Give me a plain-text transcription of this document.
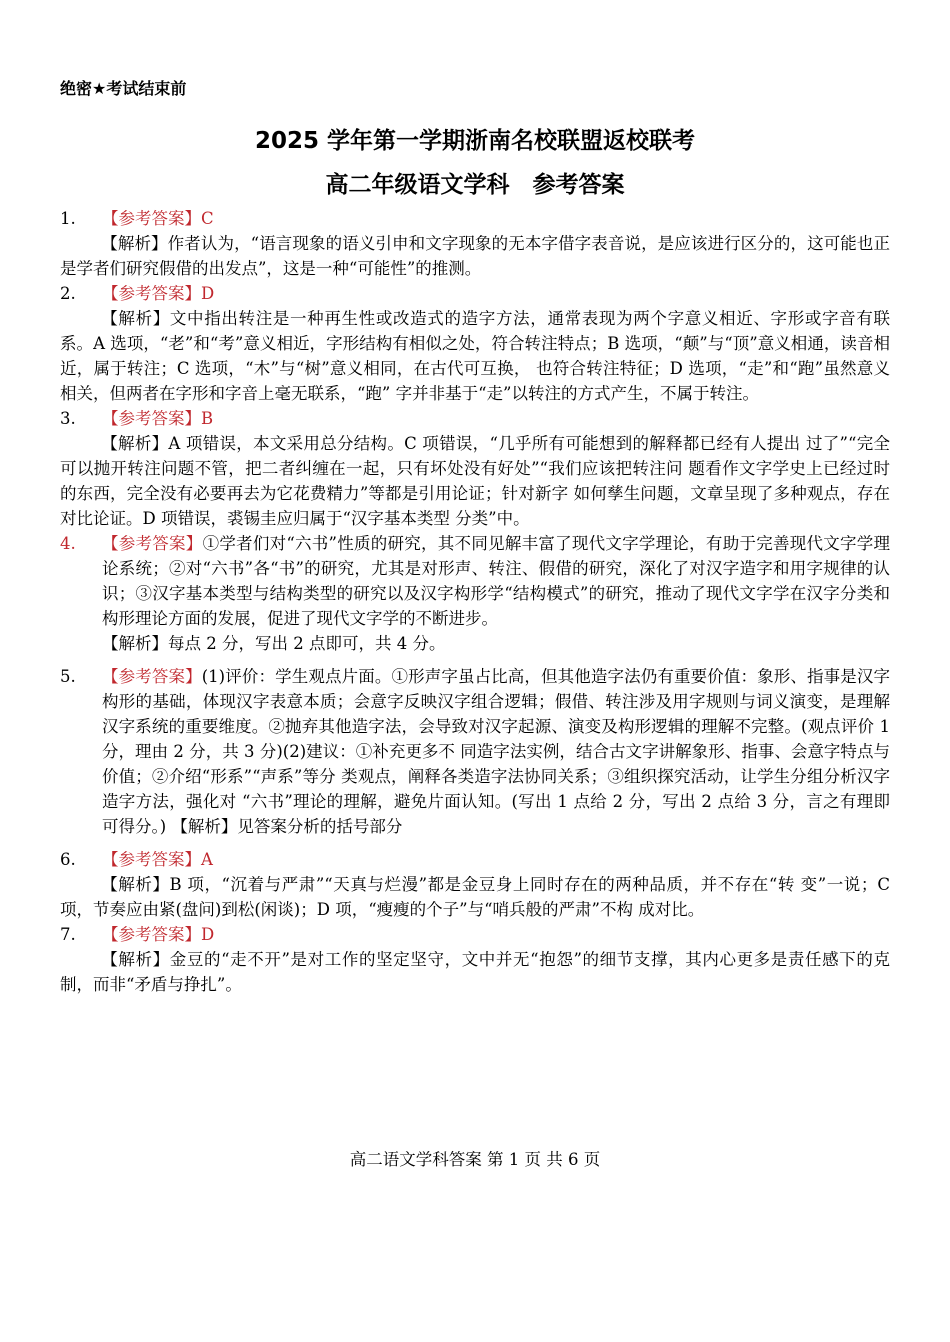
绝密★考试结束前
2025 学年第一学期浙南名校联盟返校联考
高二年级语文学科　参考答案
1.	【参考答案】C

【解析】作者认为，“语言现象的语义引申和文字现象的无本字借字表音说，是应该进行区分的，这可能也正是学者们研究假借的出发点”，这是一种“可能性”的推测。

2.	【参考答案】D

【解析】文中指出转注是一种再生性或改造式的造字方法，通常表现为两个字意义相近、字形或字音有联系。A 选项，“老”和“考”意义相近，字形结构有相似之处，符合转注特点；B 选项，“颠”与“顶”意义相通，读音相近，属于转注；C 选项，“木”与“树”意义相同，在古代可互换， 也符合转注特征；D 选项，“走”和“跑”虽然意义相关，但两者在字形和字音上毫无联系，“跑” 字并非基于“走”以转注的方式产生，不属于转注。

3.	【参考答案】B

【解析】A 项错误，本文采用总分结构。C 项错误，“几乎所有可能想到的解释都已经有人提出 过了”“完全可以抛开转注问题不管，把二者纠缠在一起，只有坏处没有好处”“我们应该把转注问 题看作文字学史上已经过时的东西，完全没有必要再去为它花费精力”等都是引用论证；针对新字 如何孳生问题，文章呈现了多种观点，存在对比论证。D 项错误，裘锡圭应归属于“汉字基本类型 分类”中。

4.	【参考答案】①学者们对“六书”性质的研究，其不同见解丰富了现代文字学理论，有助于完善现代文字学理论系统；②对“六书”各“书”的研究，尤其是对形声、转注、假借的研究，深化了对汉字造字和用字规律的认识；③汉字基本类型与结构类型的研究以及汉字构形学“结构模式”的研究，推动了现代文字学在汉字分类和构形理论方面的发展，促进了现代文字学的不断进步。

【解析】每点 2 分，写出 2 点即可，共 4 分。

5.	【参考答案】(1)评价：学生观点片面。①形声字虽占比高，但其他造字法仍有重要价值：象形、指事是汉字构形的基础，体现汉字表意本质；会意字反映汉字组合逻辑；假借、转注涉及用字规则与词义演变，是理解汉字系统的重要维度。②抛弃其他造字法，会导致对汉字起源、演变及构形逻辑的理解不完整。(观点评价 1 分，理由 2 分，共 3 分)(2)建议：①补充更多不 同造字法实例，结合古文字讲解象形、指事、会意字特点与价值；②介绍“形系”“声系”等分 类观点，阐释各类造字法协同关系；③组织探究活动，让学生分组分析汉字造字方法，强化对 “六书”理论的理解，避免片面认知。(写出 1 点给 2 分，写出 2 点给 3 分，言之有理即可得分。) 【解析】见答案分析的括号部分
6.	【参考答案】A

【解析】B 项，“沉着与严肃”“天真与烂漫”都是金豆身上同时存在的两种品质，并不存在“转 变”一说；C 项，节奏应由紧(盘问)到松(闲谈)；D 项，“瘦瘦的个子”与“哨兵般的严肃”不构 成对比。

7.	【参考答案】D

【解析】金豆的“走不开”是对工作的坚定坚守，文中并无“抱怨”的细节支撑，其内心更多是责任感下的克制，而非“矛盾与挣扎”。

高二语文学科答案 第 1 页 共 6 页
